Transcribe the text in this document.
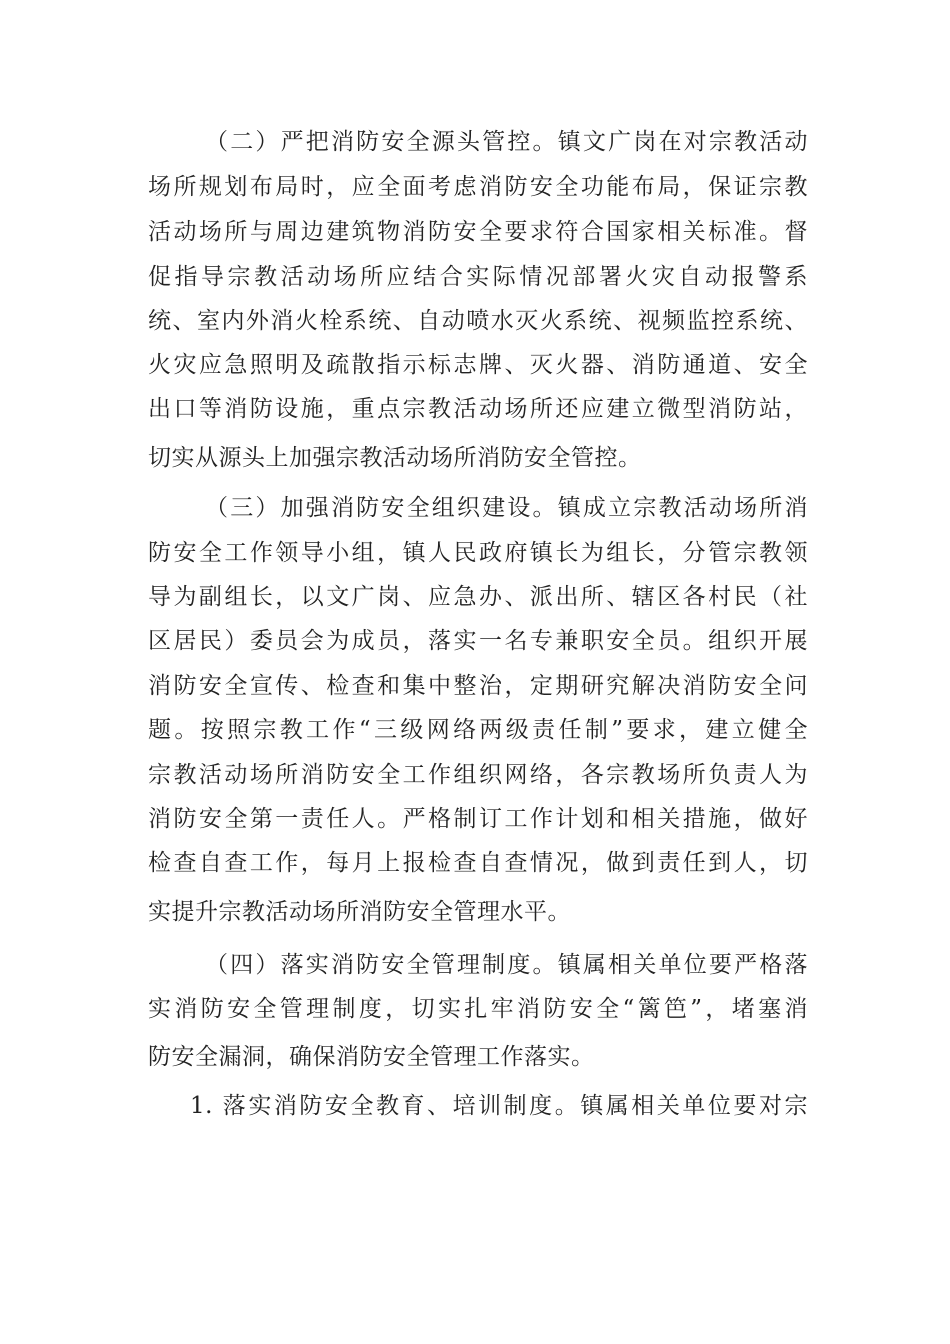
（二）严把消防安全源头管控。镇文广岗在对宗教活动

场所规划布局时，应全面考虑消防安全功能布局，保证宗教

活动场所与周边建筑物消防安全要求符合国家相关标准。督

促指导宗教活动场所应结合实际情况部署火灾自动报警系

统、室内外消火栓系统、自动喷水灭火系统、视频监控系统、

火灾应急照明及疏散指示标志牌、灭火器、消防通道、安全

出口等消防设施，重点宗教活动场所还应建立微型消防站，

切实从源头上加强宗教活动场所消防安全管控。

（三）加强消防安全组织建设。镇成立宗教活动场所消

防安全工作领导小组，镇人民政府镇长为组长，分管宗教领

导为副组长，以文广岗、应急办、派出所、辖区各村民（社

区居民）委员会为成员，落实一名专兼职安全员。组织开展

消防安全宣传、检查和集中整治，定期研究解决消防安全问

题。按照宗教工作“三级网络两级责任制”要求，建立健全

宗教活动场所消防安全工作组织网络，各宗教场所负责人为

消防安全第一责任人。严格制订工作计划和相关措施，做好

检查自查工作，每月上报检查自查情况，做到责任到人，切

实提升宗教活动场所消防安全管理水平。

（四）落实消防安全管理制度。镇属相关单位要严格落

实消防安全管理制度，切实扎牢消防安全“篱笆”，堵塞消

防安全漏洞，确保消防安全管理工作落实。

1. 落实消防安全教育、培训制度。镇属相关单位要对宗
